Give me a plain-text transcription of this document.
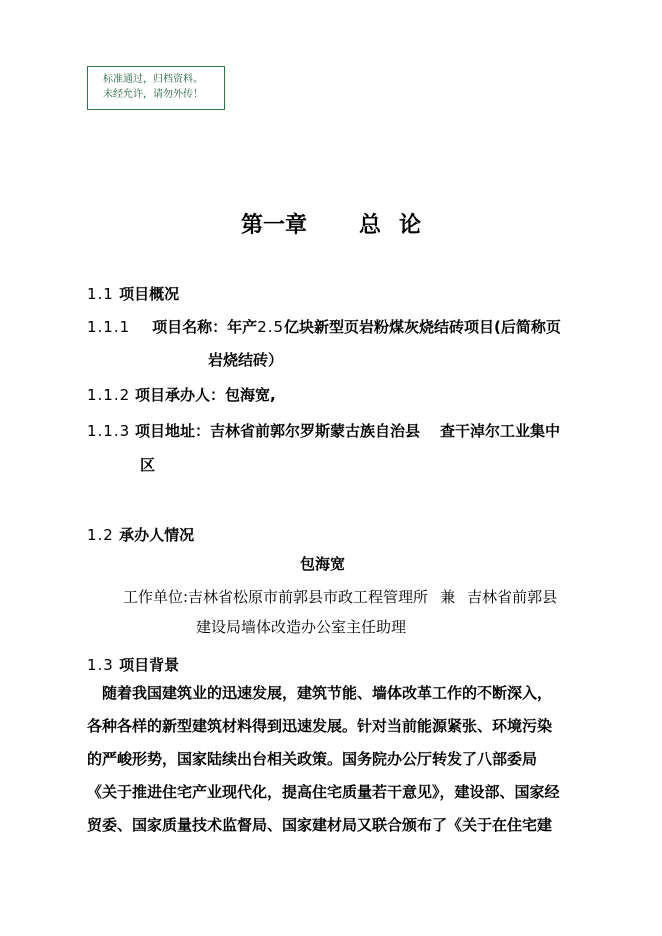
标准通过，归档资料。
未经允许，请勿外传！
第一章 总 论
1.1 项目概况
1.1.1 项目名称：年产2.5亿块新型页岩粉煤灰烧结砖项目(后简称页
岩烧结砖）
1.1.2 项目承办人：包海宽,
1.1.3 项目地址：吉林省前郭尔罗斯蒙古族自治县 查干淖尔工业集中
区
1.2 承办人情况
包海宽
工作单位:吉林省松原市前郭县市政工程管理所 兼 吉林省前郭县
建设局墙体改造办公室主任助理
1.3 项目背景
　随着我国建筑业的迅速发展，建筑节能、墙体改革工作的不断深入，
各种各样的新型建筑材料得到迅速发展。针对当前能源紧张、环境污染
的严峻形势，国家陆续出台相关政策。国务院办公厅转发了八部委局
《关于推进住宅产业现代化，提高住宅质量若干意见》，建设部、国家经
贸委、国家质量技术监督局、国家建材局又联合颁布了《关于在住宅建
